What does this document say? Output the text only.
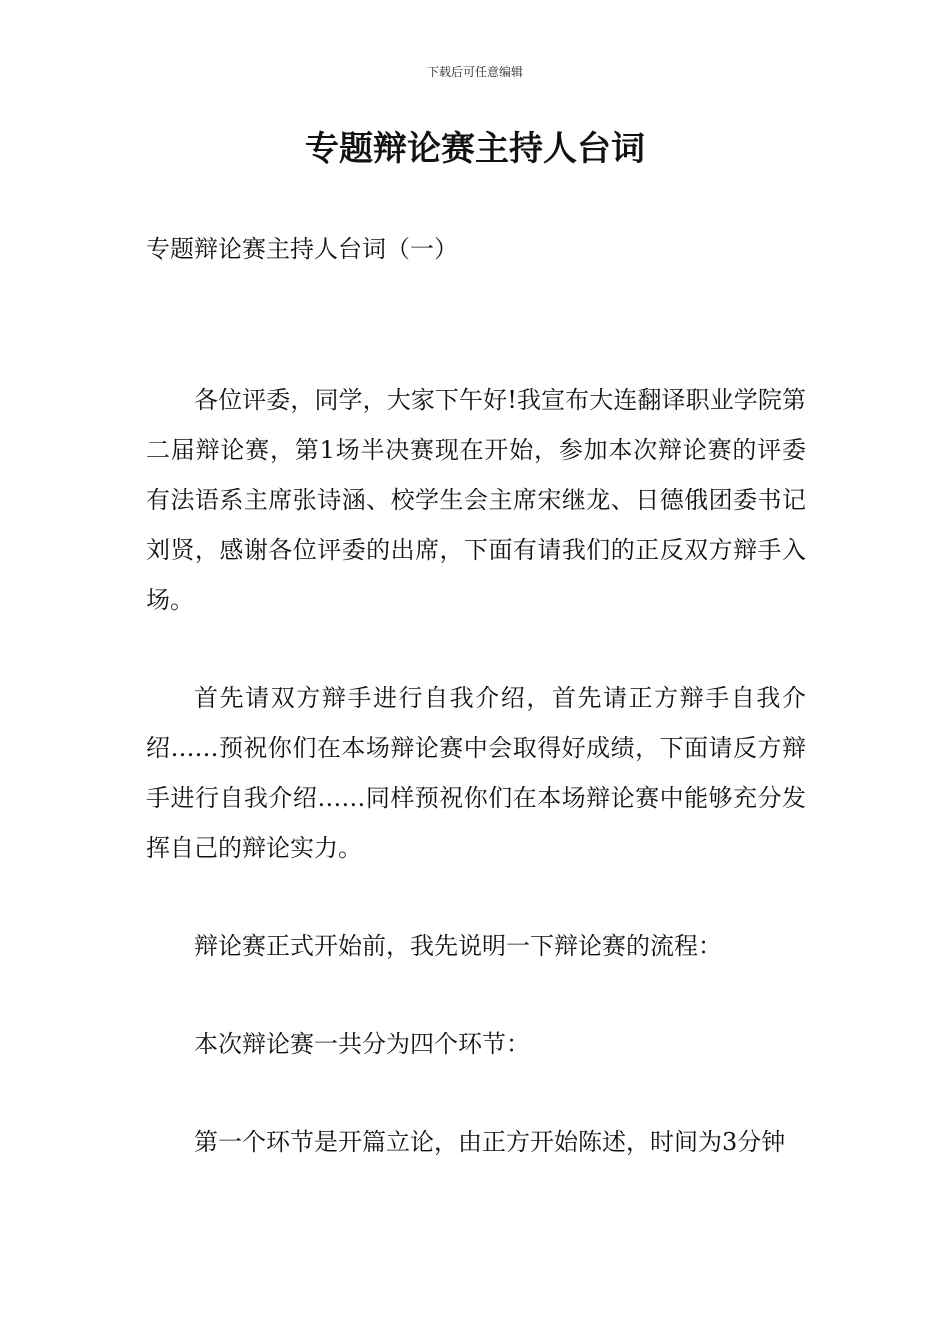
下载后可任意编辑
专题辩论赛主持人台词

专题辩论赛主持人台词（一）

各位评委，同学，大家下午好!我宣布大连翻译职业学院第二届辩论赛，第1场半决赛现在开始，参加本次辩论赛的评委有法语系主席张诗涵、校学生会主席宋继龙、日德俄团委书记刘贤，感谢各位评委的出席，下面有请我们的正反双方辩手入场。

首先请双方辩手进行自我介绍，首先请正方辩手自我介绍……预祝你们在本场辩论赛中会取得好成绩，下面请反方辩手进行自我介绍……同样预祝你们在本场辩论赛中能够充分发挥自己的辩论实力。

辩论赛正式开始前，我先说明一下辩论赛的流程：

本次辩论赛一共分为四个环节：

第一个环节是开篇立论，由正方开始陈述，时间为3分钟
